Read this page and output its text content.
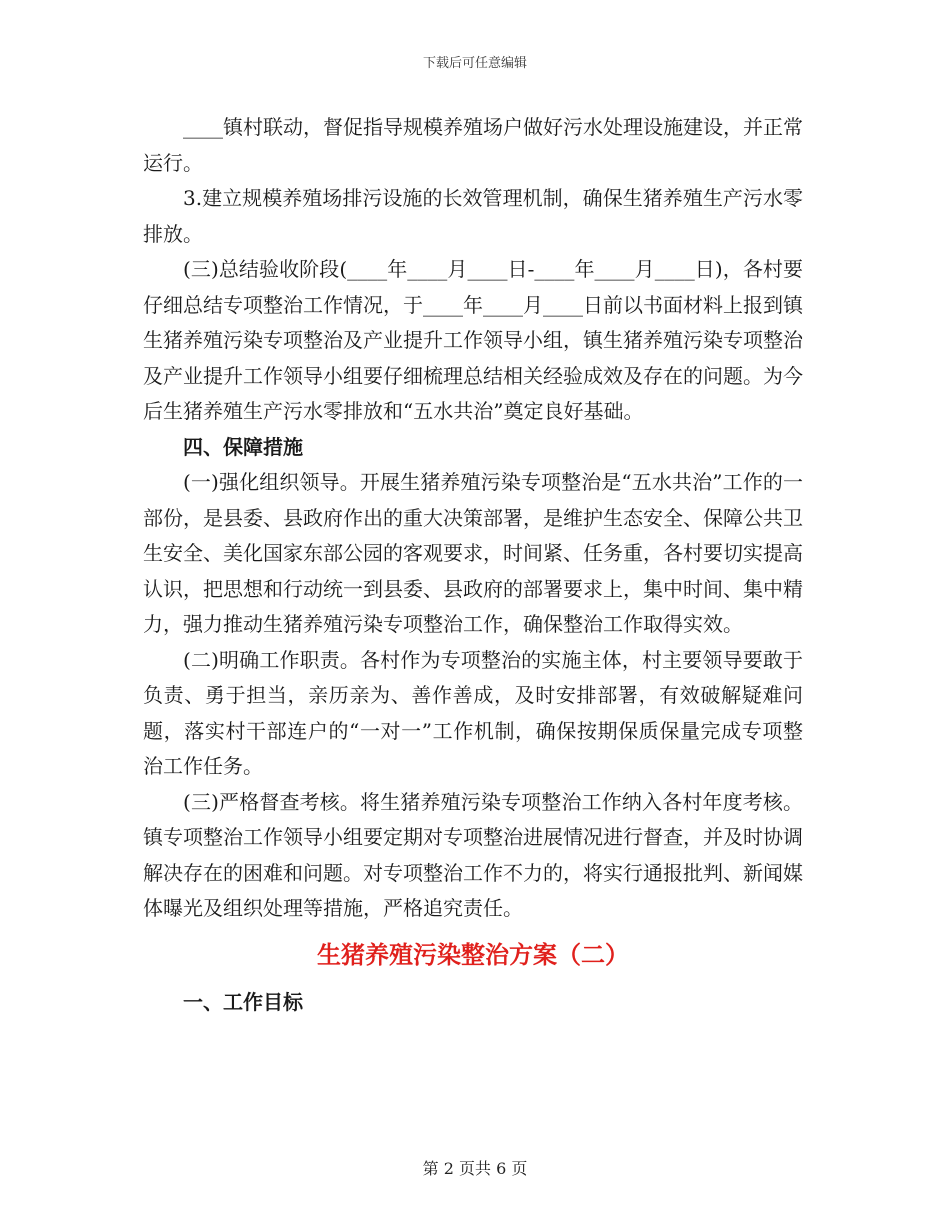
下载后可任意编辑

____镇村联动，督促指导规模养殖场户做好污水处理设施建设，并正常运行。

3.建立规模养殖场排污设施的长效管理机制，确保生猪养殖生产污水零排放。

(三)总结验收阶段(____年____月____日-____年____月____日)，各村要仔细总结专项整治工作情况，于____年____月____日前以书面材料上报到镇生猪养殖污染专项整治及产业提升工作领导小组，镇生猪养殖污染专项整治及产业提升工作领导小组要仔细梳理总结相关经验成效及存在的问题。为今后生猪养殖生产污水零排放和“五水共治”奠定良好基础。

四、保障措施

(一)强化组织领导。开展生猪养殖污染专项整治是“五水共治”工作的一部份，是县委、县政府作出的重大决策部署，是维护生态安全、保障公共卫生安全、美化国家东部公园的客观要求，时间紧、任务重，各村要切实提高认识，把思想和行动统一到县委、县政府的部署要求上，集中时间、集中精力，强力推动生猪养殖污染专项整治工作，确保整治工作取得实效。

(二)明确工作职责。各村作为专项整治的实施主体，村主要领导要敢于负责、勇于担当，亲历亲为、善作善成，及时安排部署，有效破解疑难问题，落实村干部连户的“一对一”工作机制，确保按期保质保量完成专项整治工作任务。

(三)严格督查考核。将生猪养殖污染专项整治工作纳入各村年度考核。镇专项整治工作领导小组要定期对专项整治进展情况进行督查，并及时协调解决存在的困难和问题。对专项整治工作不力的，将实行通报批判、新闻媒体曝光及组织处理等措施，严格追究责任。

生猪养殖污染整治方案（二）

一、工作目标

第 2 页共 6 页
